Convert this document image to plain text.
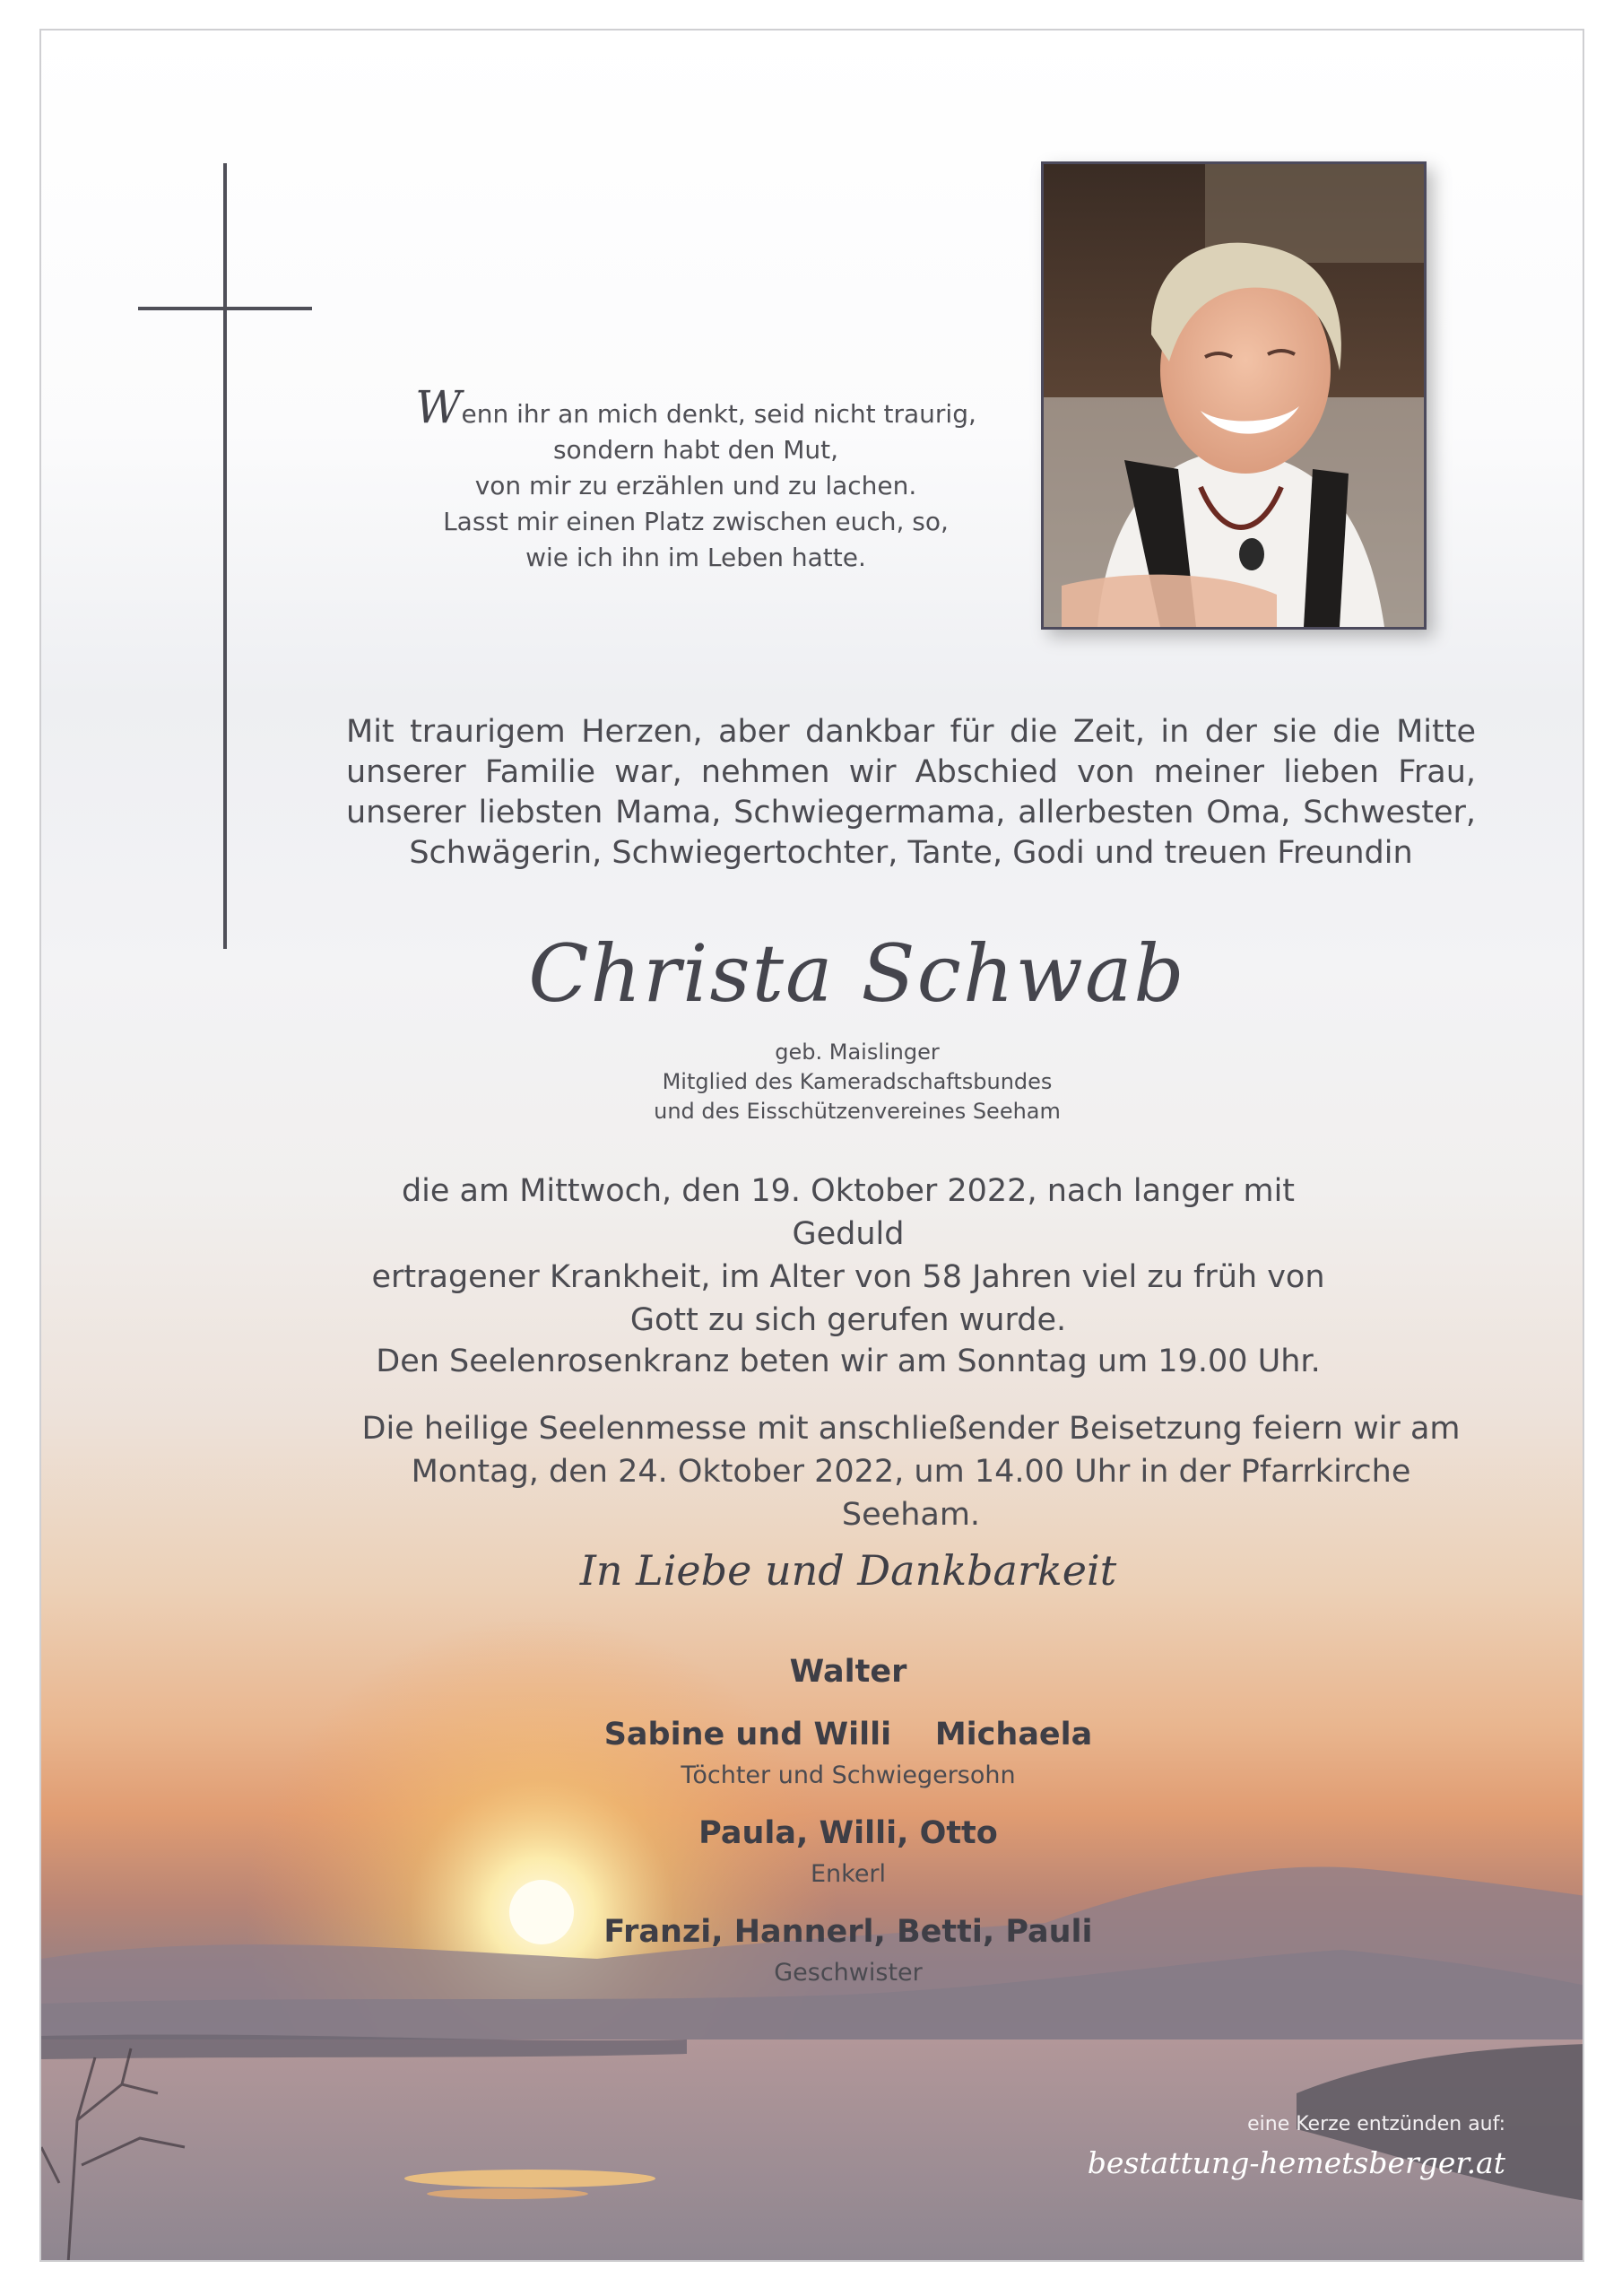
Wenn ihr an mich denkt, seid nicht traurig,
sondern habt den Mut,
von mir zu erzählen und zu lachen.
Lasst mir einen Platz zwischen euch, so,
wie ich ihn im Leben hatte.
Mit traurigem Herzen, aber dankbar für die Zeit, in der sie die Mitte unserer Familie war, nehmen wir Abschied von meiner lieben Frau, unserer liebsten Mama, Schwiegermama, allerbesten Oma, Schwester, Schwägerin, Schwiegertochter, Tante, Godi und treuen Freundin
Christa Schwab
geb. Maislinger
Mitglied des Kameradschaftsbundes
und des Eisschützenvereines Seeham
die am Mittwoch, den 19. Oktober 2022, nach langer mit Geduld
ertragener Krankheit, im Alter von 58 Jahren viel zu früh von
Gott zu sich gerufen wurde.
Den Seelenrosenkranz beten wir am Sonntag um 19.00 Uhr.
Die heilige Seelenmesse mit anschließender Beisetzung feiern wir am
Montag, den 24. Oktober 2022, um 14.00 Uhr in der Pfarrkirche Seeham.
In Liebe und Dankbarkeit
Walter
Sabine und Willi    Michaela
Töchter und Schwiegersohn
Paula, Willi, Otto
Enkerl
Franzi, Hannerl, Betti, Pauli
Geschwister
eine Kerze entzünden auf:
bestattung-hemetsberger.at
